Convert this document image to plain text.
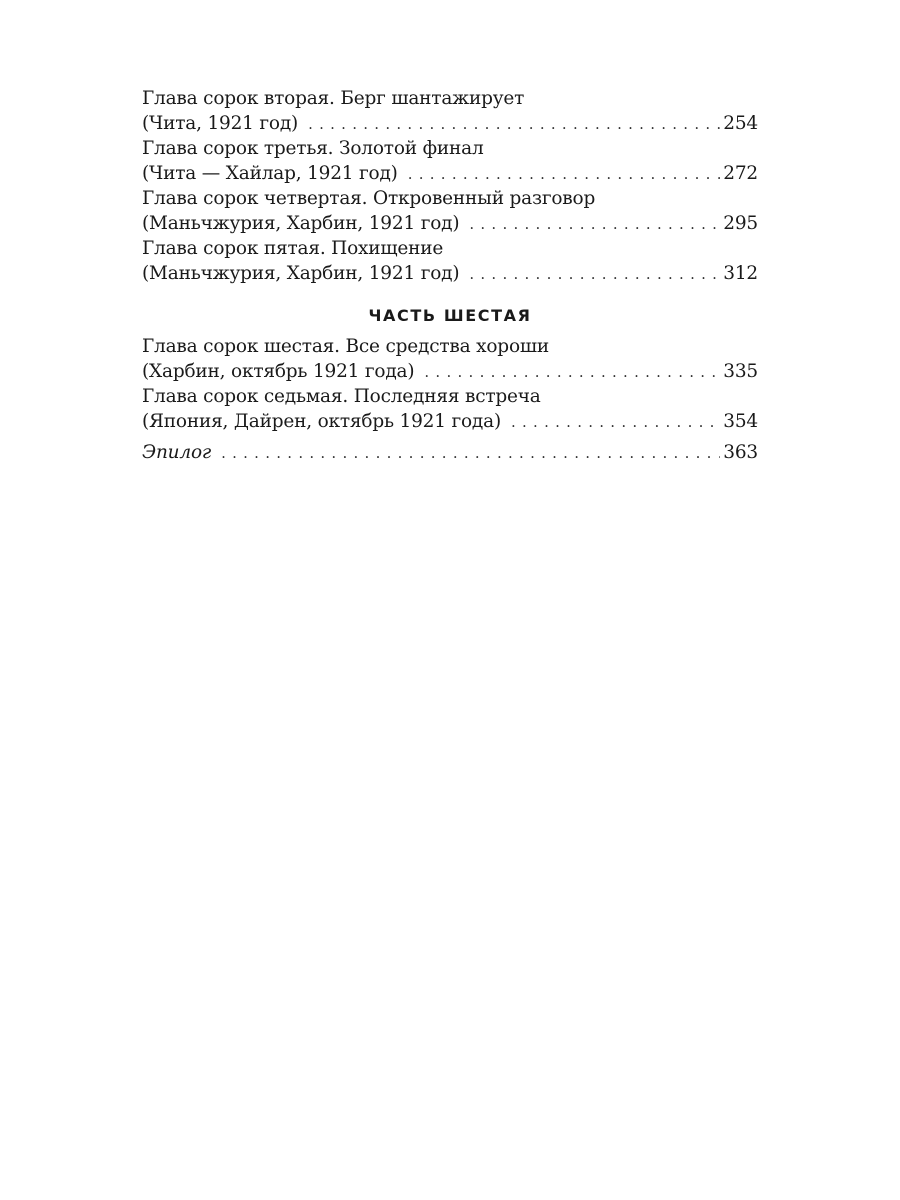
Глава сорок вторая. Берг шантажирует
(Чита, 1921 год) . . .	254
Глава сорок третья. Золотой финал
(Чита — Хайлар, 1921 год) . . .	272
Глава сорок четвертая. Откровенный разговор
(Маньчжурия, Харбин, 1921 год) . . .	295
Глава сорок пятая. Похищение
(Маньчжурия, Харбин, 1921 год) . . .	312
ЧАСТЬ ШЕСТАЯ
Глава сорок шестая. Все средства хороши
(Харбин, октябрь 1921 года) . . .	335
Глава сорок седьмая. Последняя встреча
(Япония, Дайрен, октябрь 1921 года) . . .	354
Эпилог . . .	363
